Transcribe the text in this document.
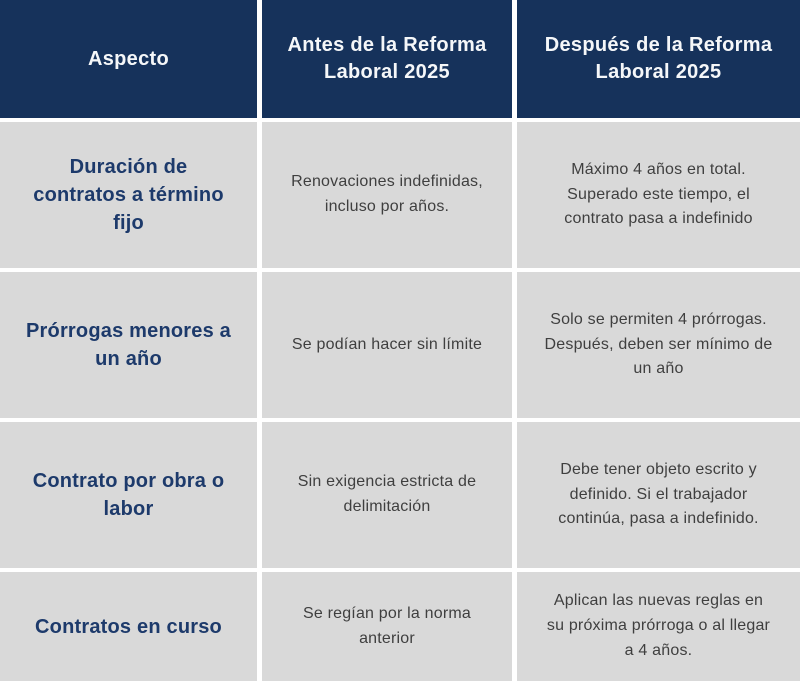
Aspecto
Antes de la Reforma Laboral 2025
Después de la Reforma Laboral 2025
Duración de contratos a término fijo
Renovaciones indefinidas, incluso por años.
Máximo 4 años en total. Superado este tiempo, el contrato pasa a indefinido
Prórrogas menores a un año
Se podían hacer sin límite
Solo se permiten 4 prórrogas. Después, deben ser mínimo de un año
Contrato por obra o labor
Sin exigencia estricta de delimitación
Debe tener objeto escrito y definido. Si el trabajador continúa, pasa a indefinido.
Contratos en curso
Se regían por la norma anterior
Aplican las nuevas reglas en su próxima prórroga o al llegar a 4 años.
